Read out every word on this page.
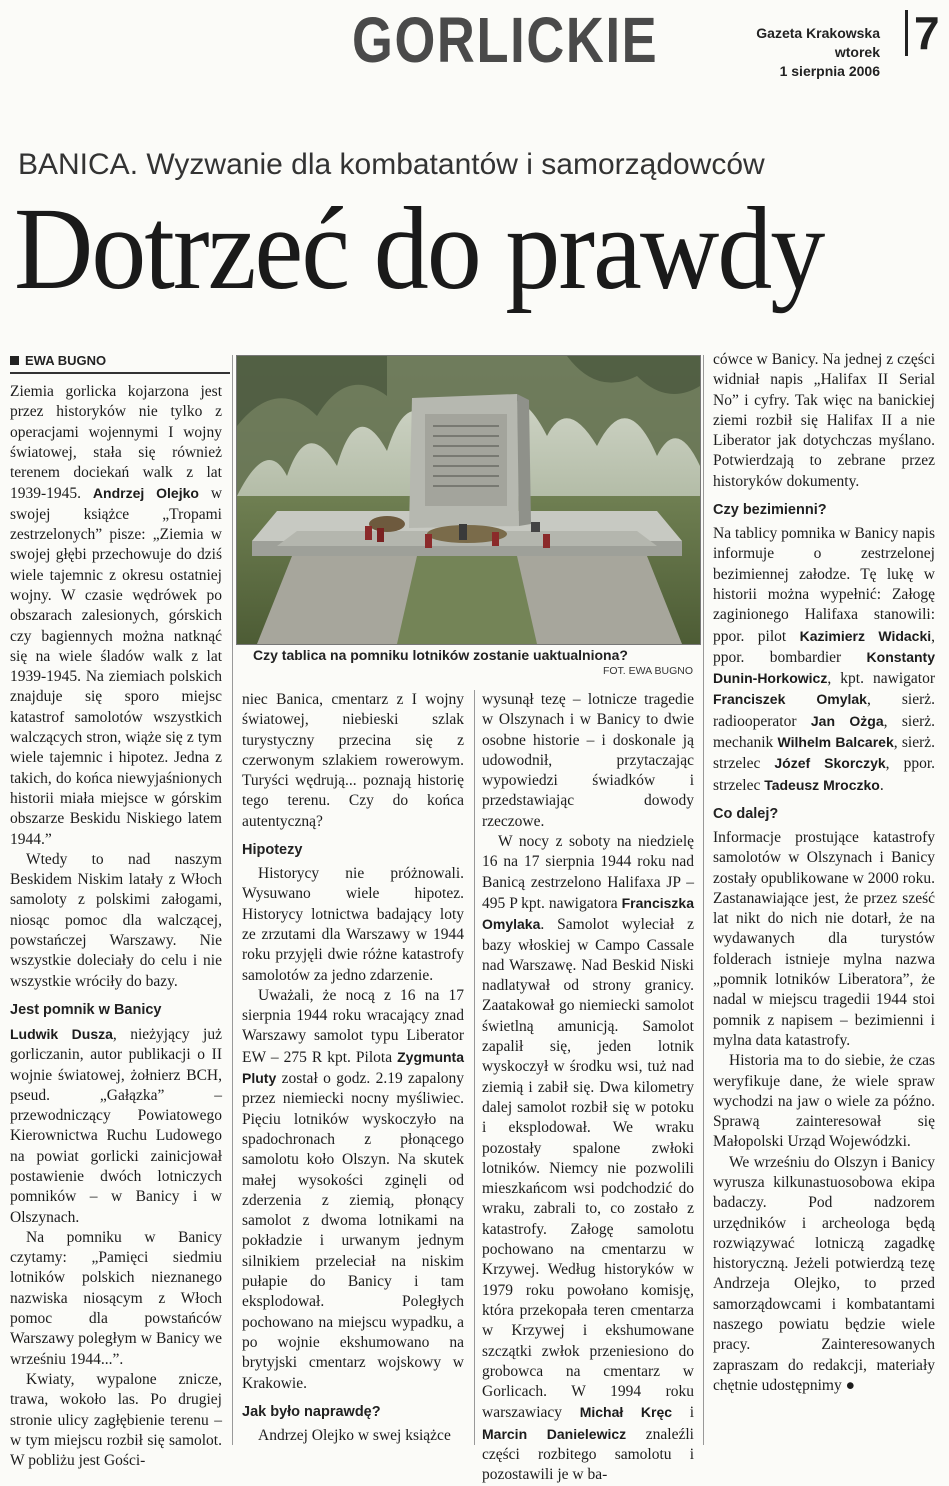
GORLICKIE	Gazeta Krakowska
wtorek
1 sierpnia 2006
7
BANICA. Wyzwanie dla kombatantów i samorządowców
Dotrzeć do prawdy
EWA BUGNO
Czy tablica na pomniku lotników zostanie uaktualniona?
FOT. EWA BUGNO

Ziemia gorlicka kojarzona jest przez historyków nie tylko z operacjami wojennymi I wojny światowej, stała się również terenem dociekań walk z lat 1939-1945. Andrzej Olejko w swojej książce „Tropami zestrzelonych” pisze: „Ziemia w swojej głębi przechowuje do dziś wiele tajemnic z okresu ostatniej wojny. W czasie wędrówek po obszarach zalesionych, górskich czy bagiennych można natknąć się na wiele śladów walk z lat 1939-1945. Na ziemiach polskich znajduje się sporo miejsc katastrof samolotów wszystkich walczących stron, wiąże się z tym wiele tajemnic i hipotez. Jedna z takich, do końca niewyjaśnionych historii miała miejsce w górskim obszarze Beskidu Niskiego latem 1944.”

Wtedy to nad naszym Beskidem Niskim latały z Włoch samoloty z polskimi załogami, niosąc pomoc dla walczącej, powstańczej Warszawy. Nie wszystkie doleciały do celu i nie wszystkie wróciły do bazy.

Jest pomnik w Banicy

Ludwik Dusza, nieżyjący już gorliczanin, autor publikacji o II wojnie światowej, żołnierz BCH, pseud. „Gałązka” – przewodniczący Powiatowego Kierownictwa Ruchu Ludowego na powiat gorlicki zainicjował postawienie dwóch lotniczych pomników – w Banicy i w Olszynach.

Na pomniku w Banicy czytamy: „Pamięci siedmiu lotników polskich nieznanego nazwiska niosącym z Włoch pomoc dla powstańców Warszawy poległym w Banicy we wrześniu 1944...”.

Kwiaty, wypalone znicze, trawa, wokoło las. Po drugiej stronie ulicy zagłębienie terenu – w tym miejscu rozbił się samolot. W pobliżu jest Gości-

niec Banica, cmentarz z I wojny światowej, niebieski szlak turystyczny przecina się z czerwonym szlakiem rowerowym. Turyści wędrują... poznają historię tego terenu. Czy do końca autentyczną?

Hipotezy

Historycy nie próżnowali. Wysuwano wiele hipotez. Historycy lotnictwa badający loty ze zrzutami dla Warszawy w 1944 roku przyjęli dwie różne katastrofy samolotów za jedno zdarzenie.

Uważali, że nocą z 16 na 17 sierpnia 1944 roku wracający znad Warszawy samolot typu Liberator EW – 275 R kpt. Pilota Zygmunta Pluty został o godz. 2.19 zapalony przez niemiecki nocny myśliwiec. Pięciu lotników wyskoczyło na spadochronach z płonącego samolotu koło Olszyn. Na skutek małej wysokości zginęli od zderzenia z ziemią, płonący samolot z dwoma lotnikami na pokładzie i urwanym jednym silnikiem przeleciał na niskim pułapie do Banicy i tam eksplodował. Poległych pochowano na miejscu wypadku, a po wojnie ekshumowano na brytyjski cmentarz wojskowy w Krakowie.

Jak było naprawdę?

Andrzej Olejko w swej książce

wysunął tezę – lotnicze tragedie w Olszynach i w Banicy to dwie osobne historie – i doskonale ją udowodnił, przytaczając wypowiedzi świadków i przedstawiając dowody rzeczowe.

W nocy z soboty na niedzielę 16 na 17 sierpnia 1944 roku nad Banicą zestrzelono Halifaxa JP – 495 P kpt. nawigatora Franciszka Omylaka. Samolot wyleciał z bazy włoskiej w Campo Cassale nad Warszawę. Nad Beskid Niski nadlatywał od strony granicy. Zaatakował go niemiecki samolot świetlną amunicją. Samolot zapalił się, jeden lotnik wyskoczył w środku wsi, tuż nad ziemią i zabił się. Dwa kilometry dalej samolot rozbił się w potoku i eksplodował. We wraku pozostały spalone zwłoki lotników. Niemcy nie pozwolili mieszkańcom wsi podchodzić do wraku, zabrali to, co zostało z katastrofy. Załogę samolotu pochowano na cmentarzu w Krzywej. Według historyków w 1979 roku powołano komisję, która przekopała teren cmentarza w Krzywej i ekshumowane szczątki zwłok przeniesiono do grobowca na cmentarz w Gorlicach. W 1994 roku warszawiacy Michał Kręc i Marcin Danielewicz znaleźli części rozbitego samolotu i pozostawili je w ba-

cówce w Banicy. Na jednej z części widniał napis „Halifax II Serial No” i cyfry. Tak więc na banickiej ziemi rozbił się Halifax II a nie Liberator jak dotychczas myślano. Potwierdzają to zebrane przez historyków dokumenty.

Czy bezimienni?

Na tablicy pomnika w Banicy napis informuje o zestrzelonej bezimiennej załodze. Tę lukę w historii można wypełnić: Załogę zaginionego Halifaxa stanowili: ppor. pilot Kazimierz Widacki, ppor. bombardier Konstanty Dunin-Horkowicz, kpt. nawigator Franciszek Omylak, sierż. radiooperator Jan Ożga, sierż. mechanik Wilhelm Balcarek, sierż. strzelec Józef Skorczyk, ppor. strzelec Tadeusz Mroczko.

Co dalej?

Informacje prostujące katastrofy samolotów w Olszynach i Banicy zostały opublikowane w 2000 roku. Zastanawiające jest, że przez sześć lat nikt do nich nie dotarł, że na wydawanych dla turystów folderach istnieje mylna nazwa „pomnik lotników Liberatora”, że nadal w miejscu tragedii 1944 stoi pomnik z napisem – bezimienni i mylna data katastrofy.

Historia ma to do siebie, że czas weryfikuje dane, że wiele spraw wychodzi na jaw o wiele za późno. Sprawą zainteresował się Małopolski Urząd Wojewódzki.

We wrześniu do Olszyn i Banicy wyrusza kilkunastuosobowa ekipa badaczy. Pod nadzorem urzędników i archeologa będą rozwiązywać lotniczą zagadkę historyczną. Jeżeli potwierdzą tezę Andrzeja Olejko, to przed samorządowcami i kombatantami naszego powiatu będzie wiele pracy. Zainteresowanych zapraszam do redakcji, materiały chętnie udostępnimy ●
